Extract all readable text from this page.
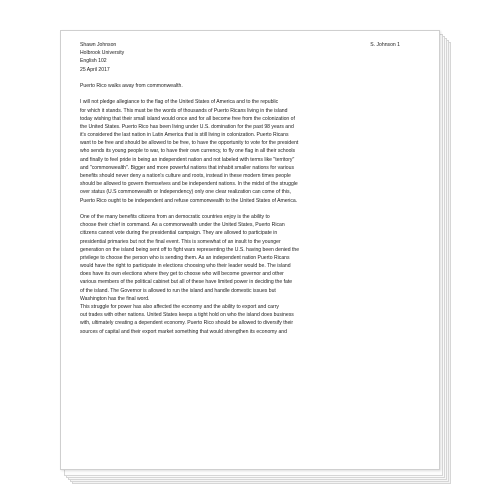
Shawn Johnson	S. Johnson 1
Holbrook University
English 102
25 April 2017
Puerto Rico walks away from commonwealth.
I will not pledge allegiance to the flag of the United States of America and to the republic
for which it stands. This must be the words of thousands of Puerto Ricans living in the island
today wishing that their small island would once and for all become free from the colonization of
the United States. Puerto Rico has been living under U.S. domination for the past 98 years and
it's considered the last nation in Latin America that is still living in colonization. Puerto Ricans
want to be free and should be allowed to be free, to have the opportunity to vote for the president
who sends its young people to war, to have their own currency, to fly one flag in all their schools
and finally to feel pride in being an independent nation and not labeled with terms like "territory"
and "commonwealth". Bigger and more powerful nations that inhabit smaller nations for various
benefits should never deny a nation's culture and roots, instead in these modern times people
should be allowed to govern themselves and be independent nations. In the midst of the struggle
over status (U.S commonwealth or Independency) only one clear realization can come of this,
Puerto Rico ought to be independent and refuse commonwealth to the United States of America.
One of the many benefits citizens from an democratic countries enjoy is the ability to
choose their chief in command. As a commonwealth under the United States, Puerto Rican
citizens cannot vote during the presidential campaign. They are allowed to participate in
presidential primaries but not the final event. This is somewhat of an insult to the younger
generation on the island being sent off to fight wars representing the U.S. having been denied the
privilege to choose the person who is sending them. As an independent nation Puerto Ricans
would have the right to participate in elections choosing who their leader would be. The island
does have its own elections where they get to choose who will become governor and other
various members of the political cabinet but all of these have limited power in deciding the fate
of the island. The Governor is allowed to run the island and handle domestic issues but
Washington has the final word.
This struggle for power has also affected the economy and the ability to export and carry
out trades with other nations. United States keeps a tight hold on who the island does business
with, ultimately creating a dependent economy. Puerto Rico should be allowed to diversify their
sources of capital and their export market something that would strengthen its economy and
